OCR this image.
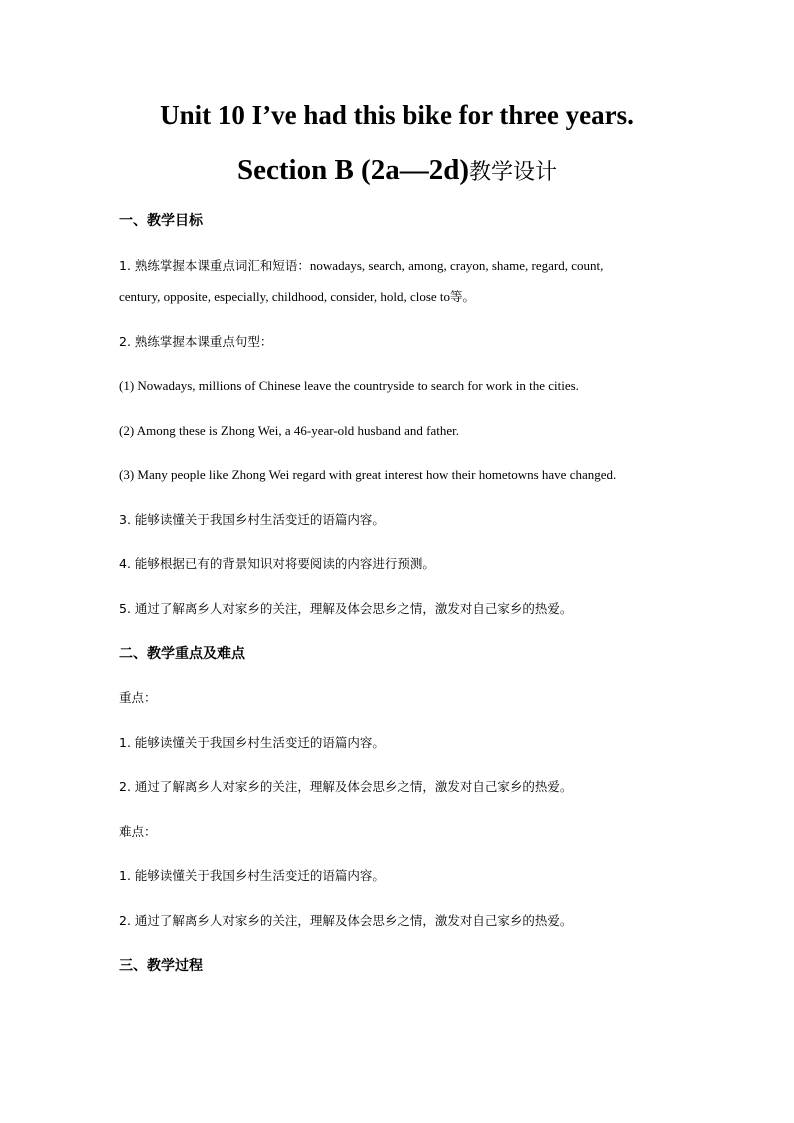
Unit 10 I’ve had this bike for three years.
Section B (2a—2d)教学设计
一、教学目标
1. 熟练掌握本课重点词汇和短语：nowadays, search, among, crayon, shame, regard, count,
century, opposite, especially, childhood, consider, hold, close to等。
2. 熟练掌握本课重点句型：
(1) Nowadays, millions of Chinese leave the countryside to search for work in the cities.
(2) Among these is Zhong Wei, a 46-year-old husband and father.
(3) Many people like Zhong Wei regard with great interest how their hometowns have changed.
3. 能够读懂关于我国乡村生活变迁的语篇内容。
4. 能够根据已有的背景知识对将要阅读的内容进行预测。
5. 通过了解离乡人对家乡的关注，理解及体会思乡之情，激发对自己家乡的热爱。
二、教学重点及难点
重点：
1. 能够读懂关于我国乡村生活变迁的语篇内容。
2. 通过了解离乡人对家乡的关注，理解及体会思乡之情，激发对自己家乡的热爱。
难点：
1. 能够读懂关于我国乡村生活变迁的语篇内容。
2. 通过了解离乡人对家乡的关注，理解及体会思乡之情，激发对自己家乡的热爱。
三、教学过程
